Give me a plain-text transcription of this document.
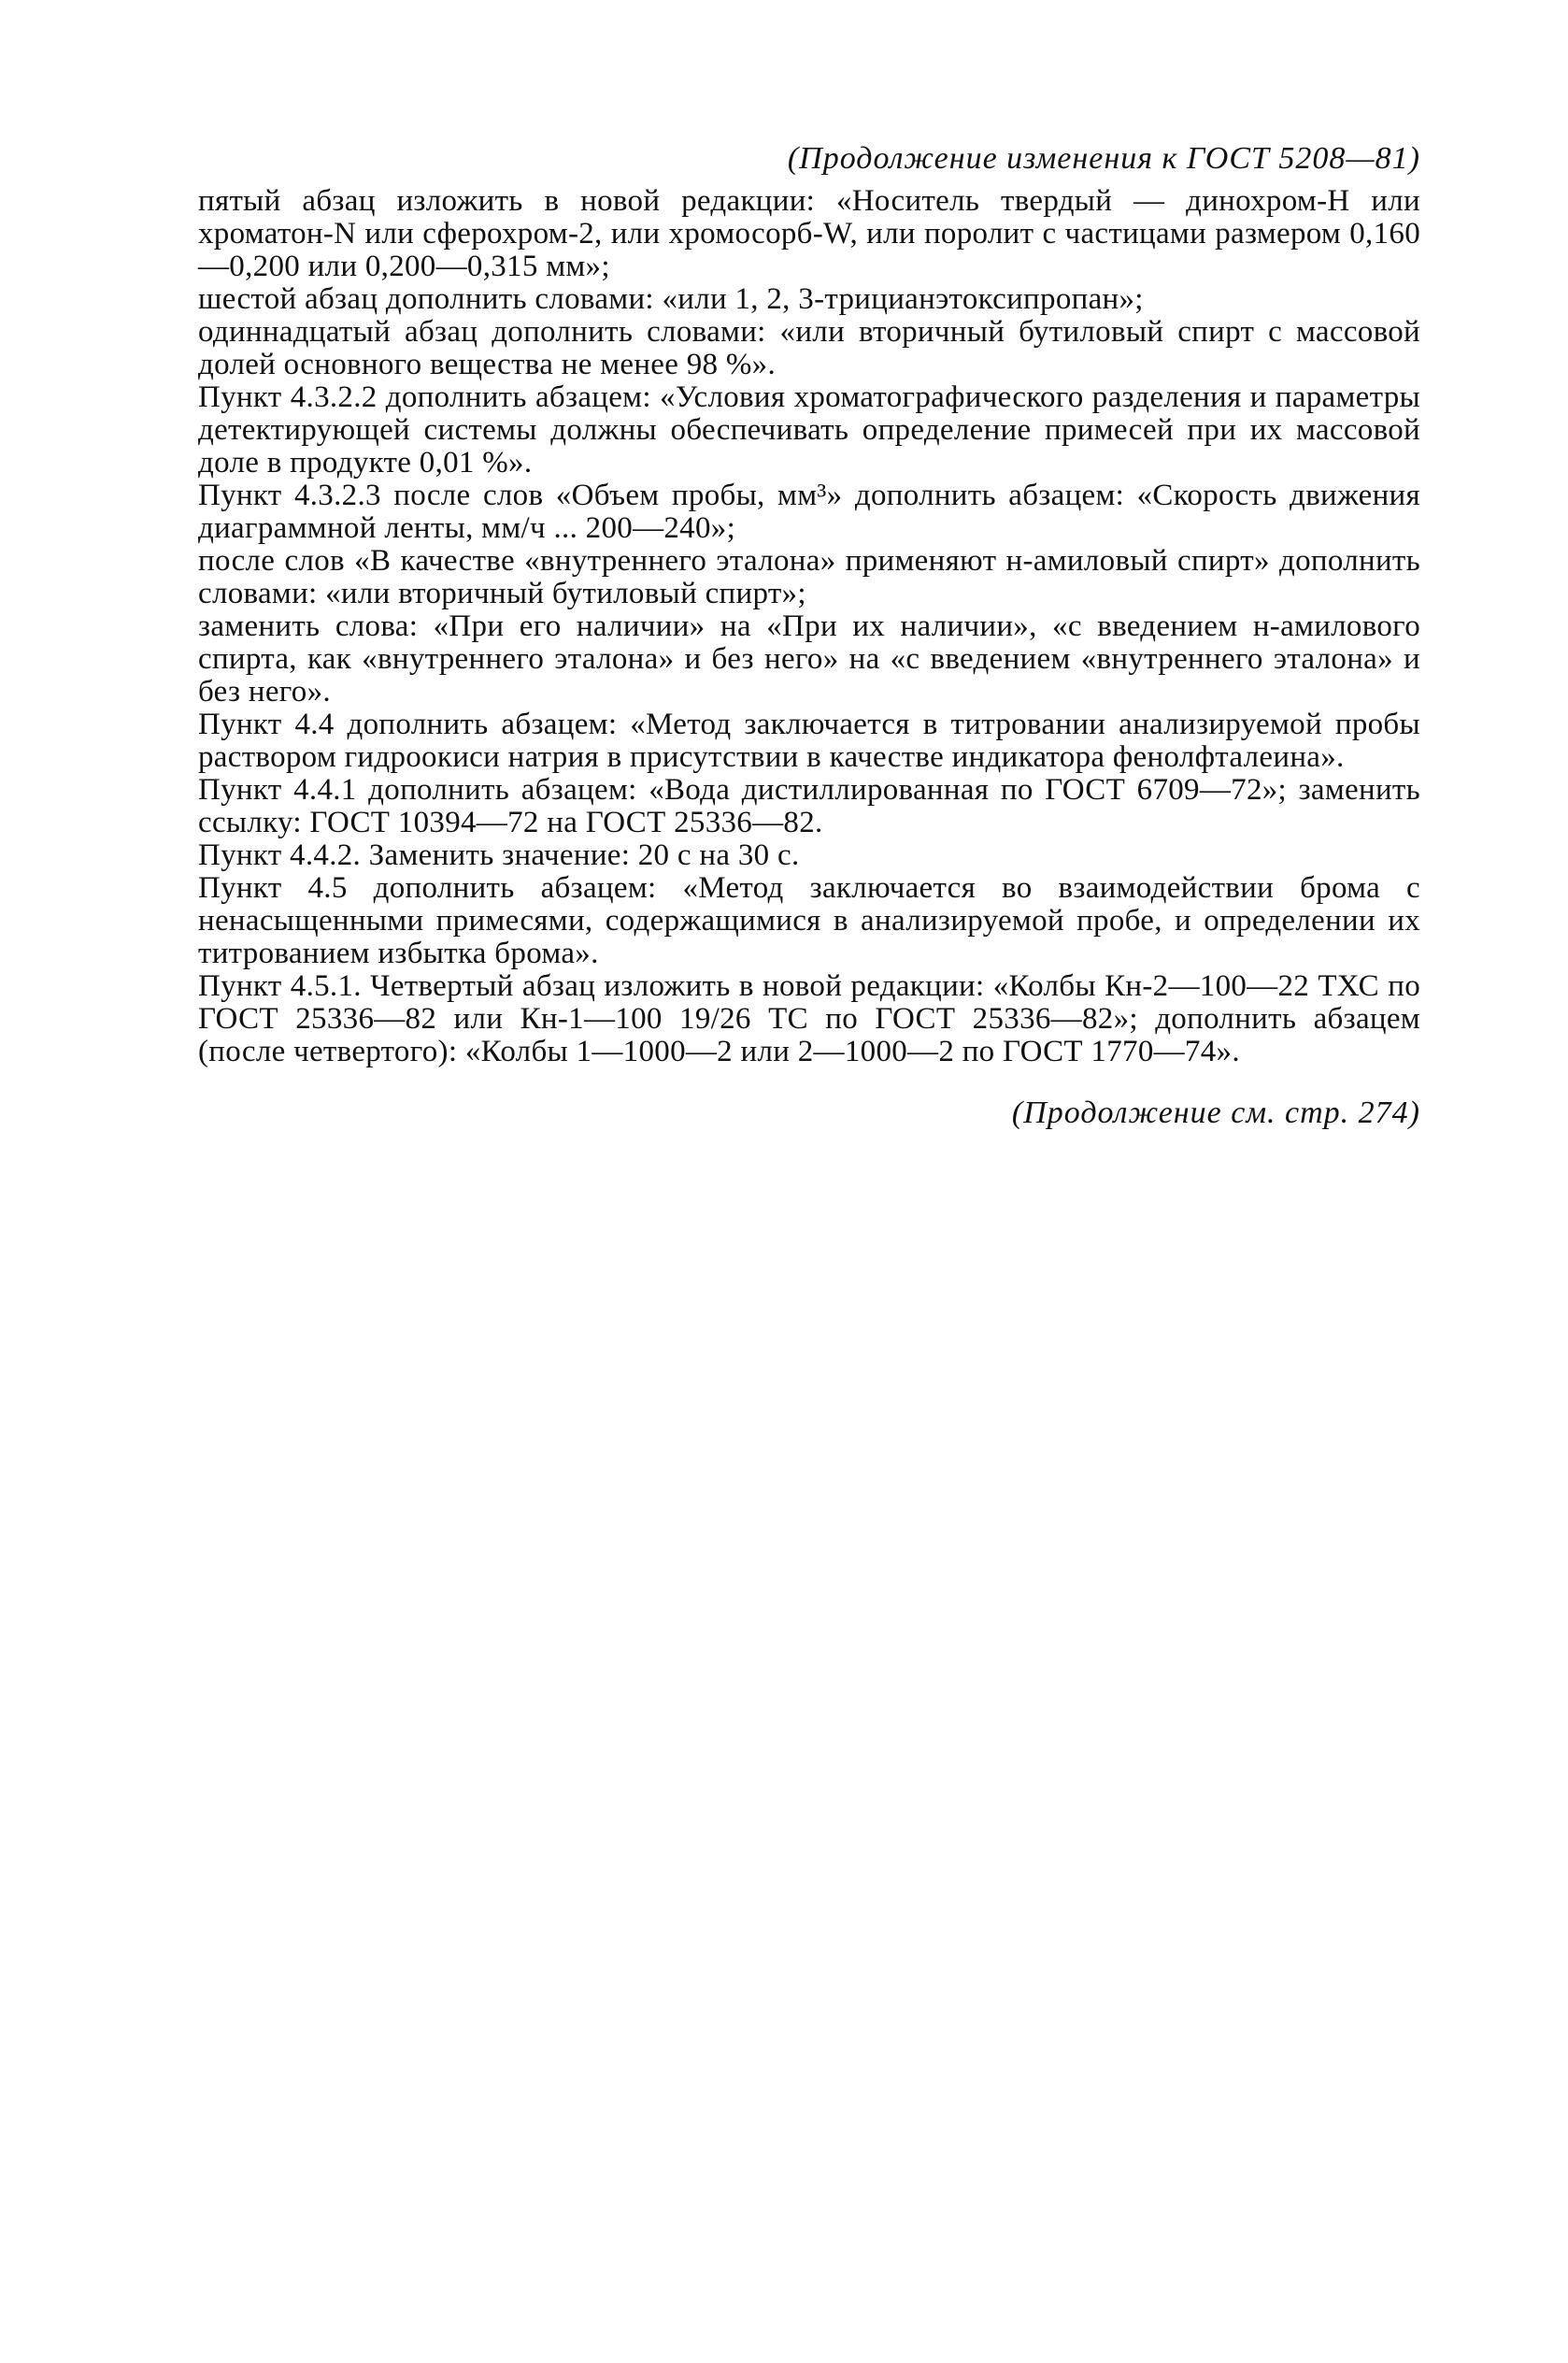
(Продолжение изменения к ГОСТ 5208—81)

пятый абзац изложить в новой редакции: «Носитель твердый — динохром-Н или хроматон-N или сферохром-2, или хромосорб-W, или поролит с частицами размером 0,160—0,200 или 0,200—0,315 мм»;

шестой абзац дополнить словами: «или 1, 2, 3-трицианэтоксипропан»;

одиннадцатый абзац дополнить словами: «или вторичный бутиловый спирт с массовой долей основного вещества не менее 98 %».

Пункт 4.3.2.2 дополнить абзацем: «Условия хроматографического разделения и параметры детектирующей системы должны обеспечивать определение примесей при их массовой доле в продукте 0,01 %».

Пункт 4.3.2.3 после слов «Объем пробы, мм³» дополнить абзацем: «Скорость движения диаграммной ленты, мм/ч ... 200—240»;

после слов «В качестве «внутреннего эталона» применяют н-амиловый спирт» дополнить словами: «или вторичный бутиловый спирт»;

заменить слова: «При его наличии» на «При их наличии», «с введением н-амилового спирта, как «внутреннего эталона» и без него» на «с введением «внутреннего эталона» и без него».

Пункт 4.4 дополнить абзацем: «Метод заключается в титровании анализируемой пробы раствором гидроокиси натрия в присутствии в качестве индикатора фенолфталеина».

Пункт 4.4.1 дополнить абзацем: «Вода дистиллированная по ГОСТ 6709—72»; заменить ссылку: ГОСТ 10394—72 на ГОСТ 25336—82.

Пункт 4.4.2. Заменить значение: 20 с на 30 с.

Пункт 4.5 дополнить абзацем: «Метод заключается во взаимодействии брома с ненасыщенными примесями, содержащимися в анализируемой пробе, и определении их титрованием избытка брома».

Пункт 4.5.1. Четвертый абзац изложить в новой редакции: «Колбы Кн-2—100—22 ТХС по ГОСТ 25336—82 или Кн-1—100 19/26 ТС по ГОСТ 25336—82»; дополнить абзацем (после четвертого): «Колбы 1—1000—2 или 2—1000—2 по ГОСТ 1770—74».

(Продолжение см. стр. 274)
